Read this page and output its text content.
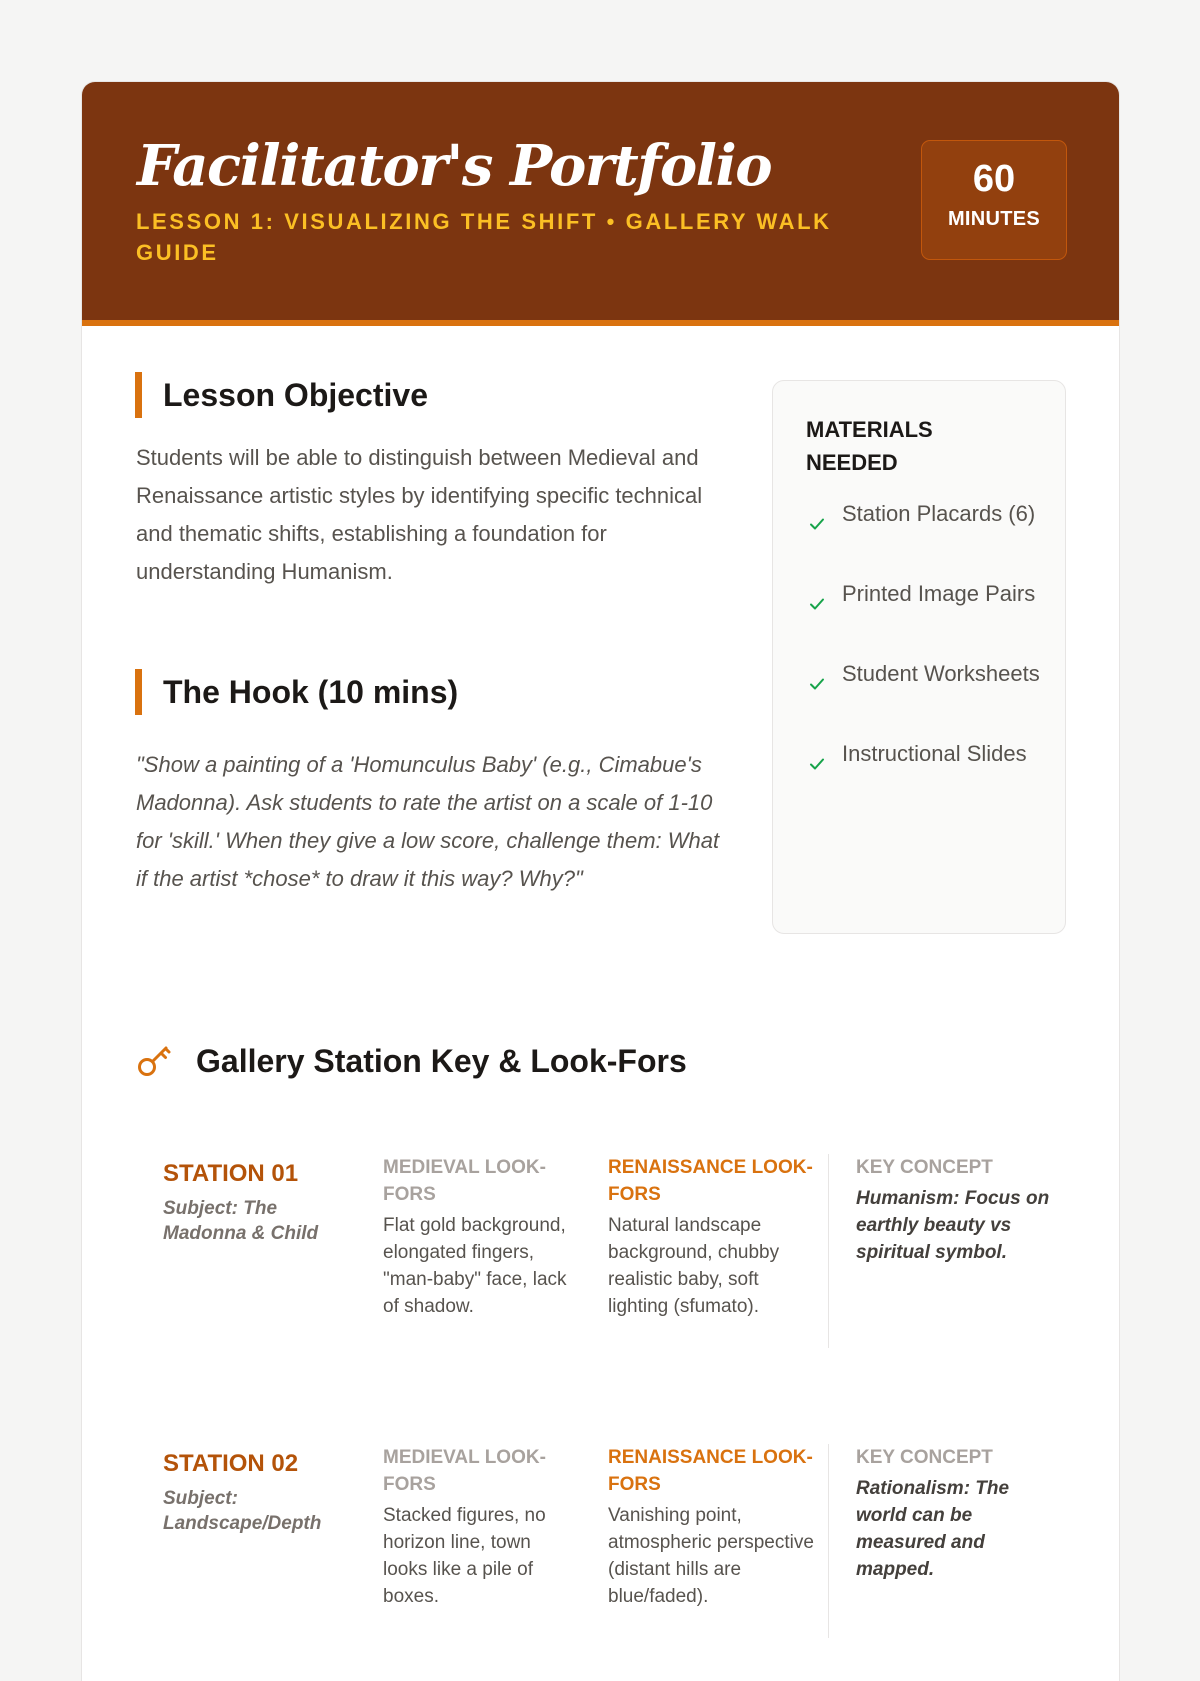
Facilitator's Portfolio
LESSON 1: VISUALIZING THE SHIFT • GALLERY WALK GUIDE
60
MINUTES
Lesson Objective

Students will be able to distinguish between Medieval and Renaissance artistic styles by identifying specific technical and thematic shifts, establishing a foundation for understanding Humanism.

The Hook (10 mins)

"Show a painting of a 'Homunculus Baby' (e.g., Cimabue's Madonna). Ask students to rate the artist on a scale of 1-10 for 'skill.' When they give a low score, challenge them: What if the artist *chose* to draw it this way? Why?"

MATERIALS NEEDED
Station Placards (6)
Printed Image Pairs
Student Worksheets
Instructional Slides
Gallery Station Key & Look-Fors
STATION 01

Subject: The Madonna & Child

MEDIEVAL LOOK-FORS

Flat gold background, elongated fingers, "man-baby" face, lack of shadow.

RENAISSANCE LOOK-FORS

Natural landscape background, chubby realistic baby, soft lighting (sfumato).

KEY CONCEPT

Humanism: Focus on earthly beauty vs spiritual symbol.

STATION 02

Subject: Landscape/Depth

MEDIEVAL LOOK-FORS

Stacked figures, no horizon line, town looks like a pile of boxes.

RENAISSANCE LOOK-FORS

Vanishing point, atmospheric perspective (distant hills are blue/faded).

KEY CONCEPT

Rationalism: The world can be measured and mapped.
